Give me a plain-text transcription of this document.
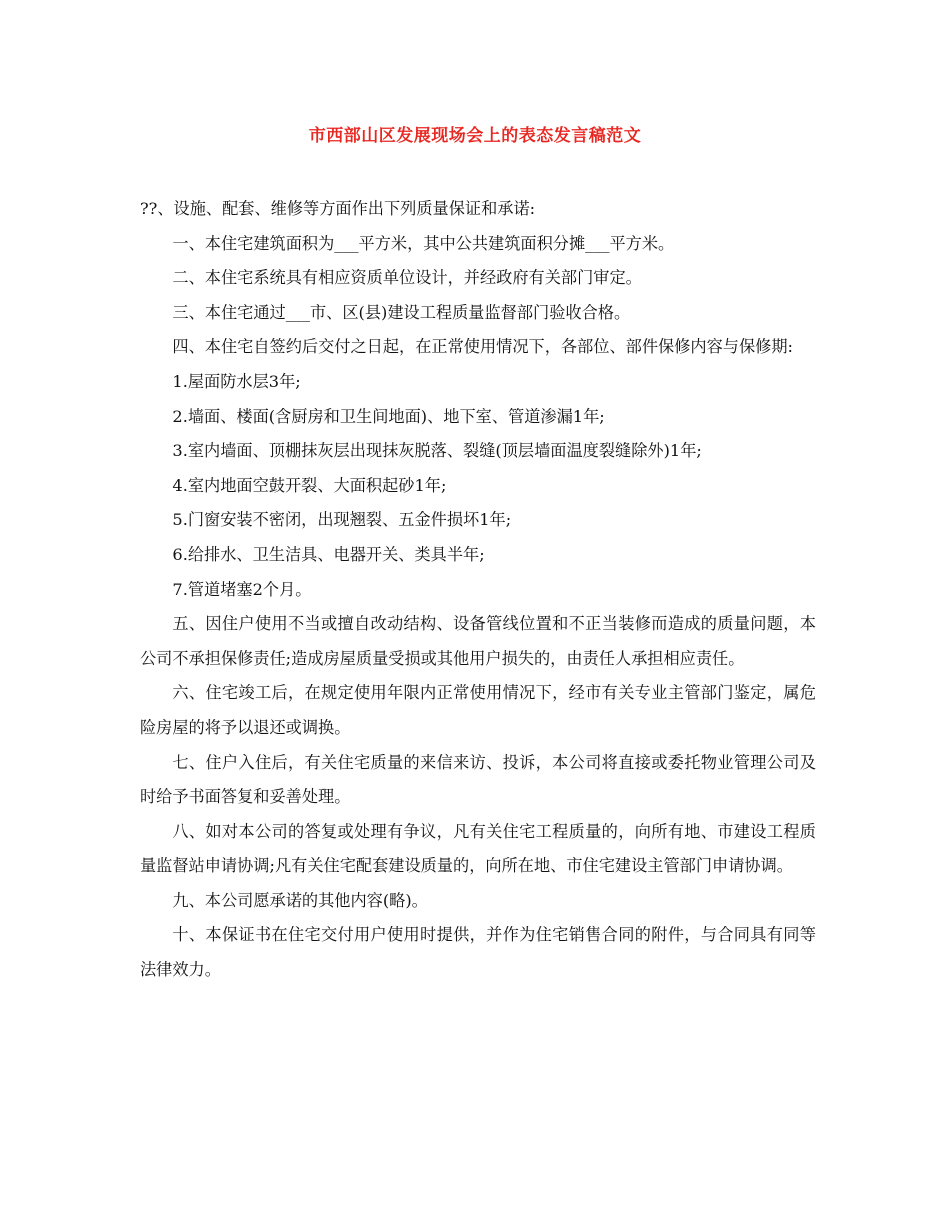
市西部山区发展现场会上的表态发言稿范文

??、设施、配套、维修等方面作出下列质量保证和承诺:

一、本住宅建筑面积为___平方米，其中公共建筑面积分摊___平方米。

二、本住宅系统具有相应资质单位设计，并经政府有关部门审定。

三、本住宅通过___市、区(县)建设工程质量监督部门验收合格。

四、本住宅自签约后交付之日起，在正常使用情况下，各部位、部件保修内容与保修期:

1.屋面防水层3年;

2.墙面、楼面(含厨房和卫生间地面)、地下室、管道渗漏1年;

3.室内墙面、顶棚抹灰层出现抹灰脱落、裂缝(顶层墙面温度裂缝除外)1年;

4.室内地面空鼓开裂、大面积起砂1年;

5.门窗安装不密闭，出现翘裂、五金件损坏1年;

6.给排水、卫生洁具、电器开关、类具半年;

7.管道堵塞2个月。

五、因住户使用不当或擅自改动结构、设备管线位置和不正当装修而造成的质量问题，本公司不承担保修责任;造成房屋质量受损或其他用户损失的，由责任人承担相应责任。

六、住宅竣工后，在规定使用年限内正常使用情况下，经市有关专业主管部门鉴定，属危险房屋的将予以退还或调换。

七、住户入住后，有关住宅质量的来信来访、投诉，本公司将直接或委托物业管理公司及时给予书面答复和妥善处理。

八、如对本公司的答复或处理有争议，凡有关住宅工程质量的，向所有地、市建设工程质量监督站申请协调;凡有关住宅配套建设质量的，向所在地、市住宅建设主管部门申请协调。

九、本公司愿承诺的其他内容(略)。

十、本保证书在住宅交付用户使用时提供，并作为住宅销售合同的附件，与合同具有同等法律效力。
